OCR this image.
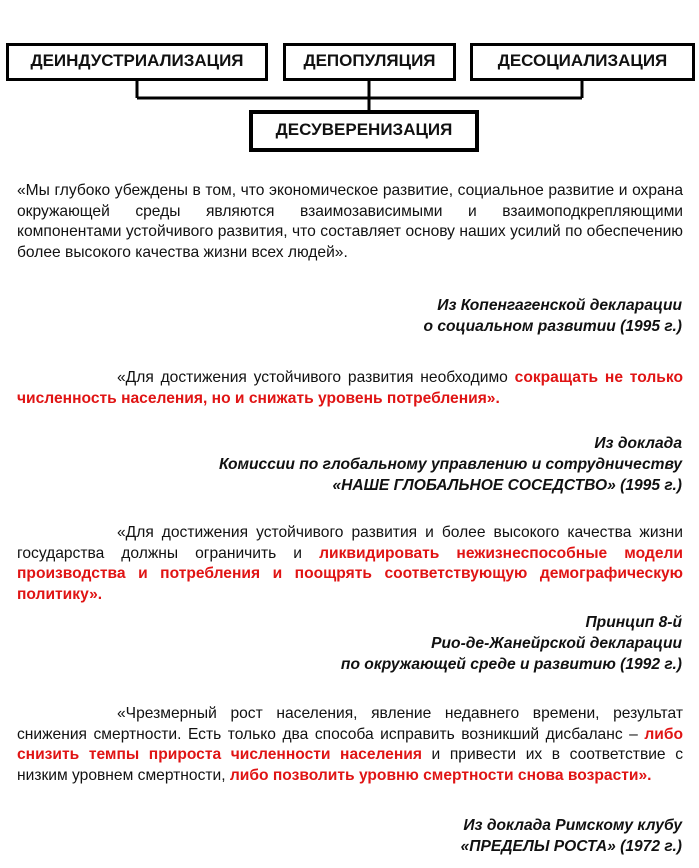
ДЕИНДУСТРИАЛИЗАЦИЯ	ДЕПОПУЛЯЦИЯ	ДЕСОЦИАЛИЗАЦИЯ
ДЕСУВЕРЕНИЗАЦИЯ

«Мы глубоко убеждены в том, что экономическое развитие, социальное развитие и охрана окружающей среды являются взаимозависимыми и взаимоподкрепляющими компонентами устойчивого развития, что составляет основу наших усилий по обеспечению более высокого качества жизни всех людей».

Из Копенгагенской декларации
о социальном развитии (1995 г.)

«Для достижения устойчивого развития необходимо сокращать не только численность населения, но и снижать уровень потребления».

Из доклада
Комиссии по глобальному управлению и сотрудничеству
«НАШЕ ГЛОБАЛЬНОЕ СОСЕДСТВО» (1995 г.)

«Для достижения устойчивого развития и более высокого качества жизни государства должны ограничить и ликвидировать нежизнеспособные модели производства и потребления и поощрять соответствующую демографическую политику».

Принцип 8-й
Рио-де-Жанейрской декларации
по окружающей среде и развитию (1992 г.)

«Чрезмерный рост населения, явление недавнего времени, результат снижения смертности. Есть только два способа исправить возникший дисбаланс – либо снизить темпы прироста численности населения и привести их в соответствие с низким уровнем смертности, либо позволить уровню смертности снова возрасти».

Из доклада Римскому клубу
«ПРЕДЕЛЫ РОСТА» (1972 г.)
